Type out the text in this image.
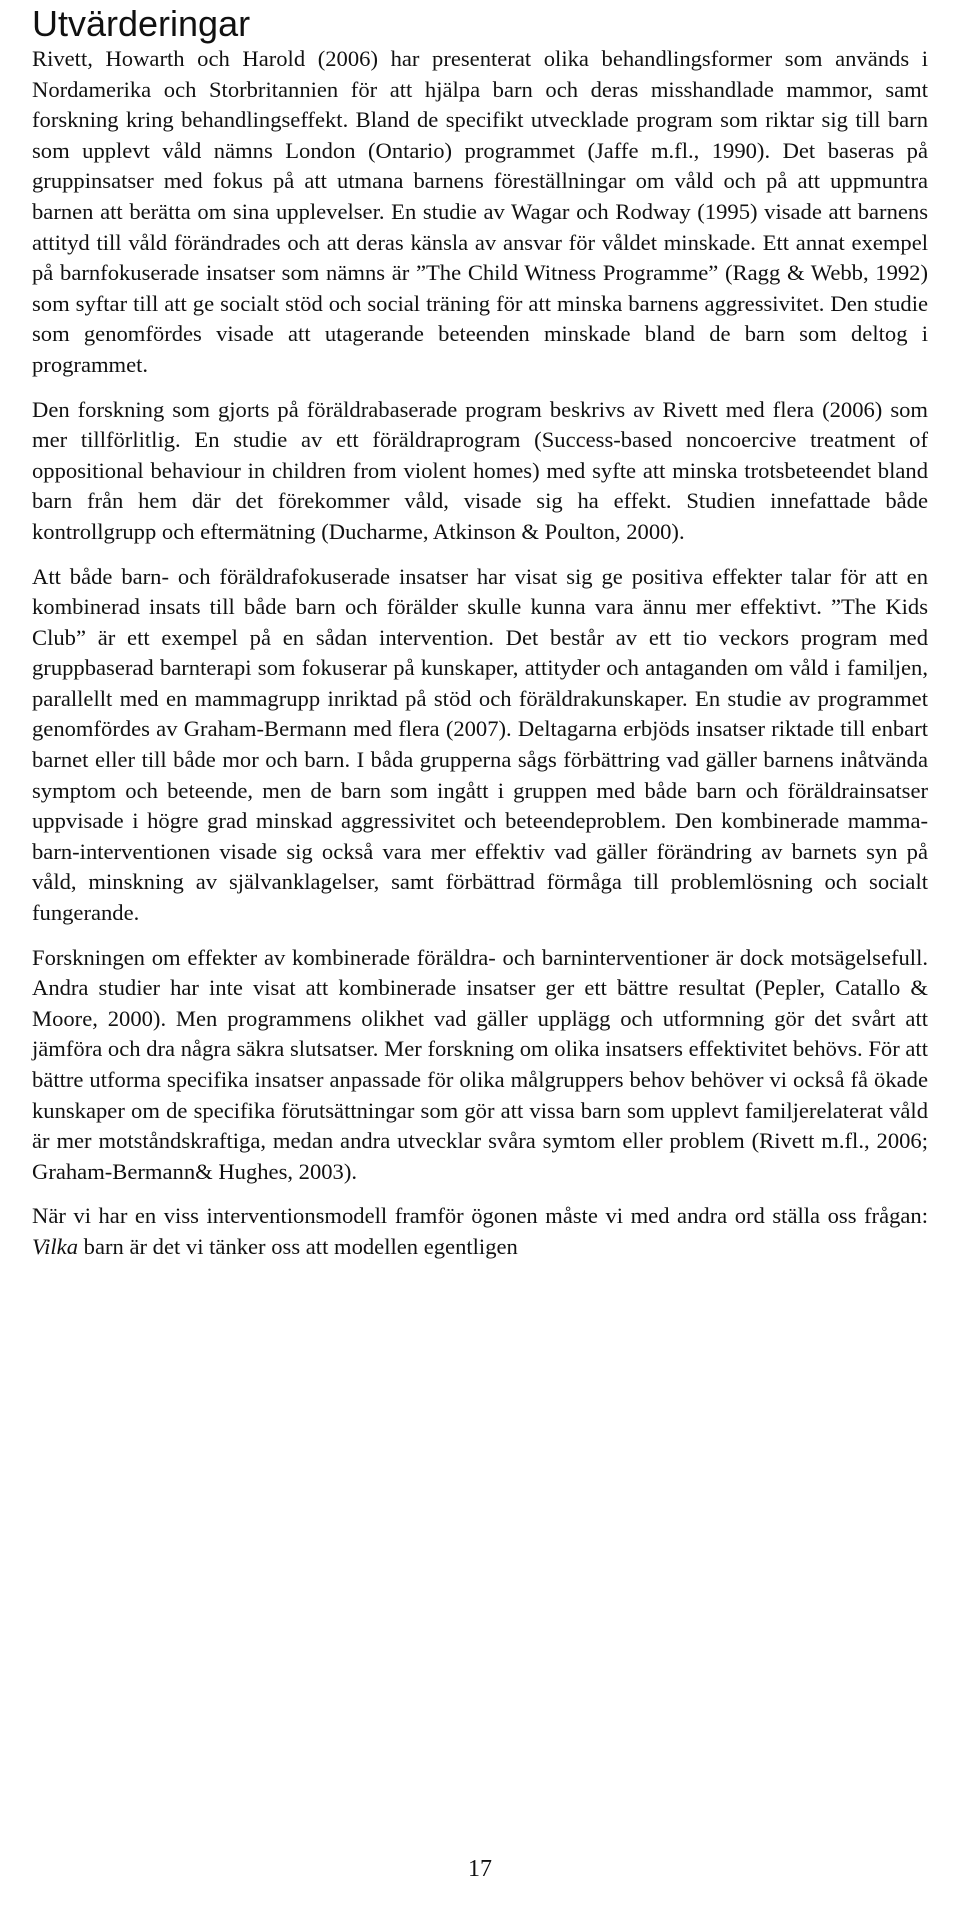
Utvärderingar

Rivett, Howarth och Harold (2006) har presenterat olika behandlingsformer som används i Nordamerika och Storbritannien för att hjälpa barn och deras misshandlade mammor, samt forskning kring behandlingseffekt. Bland de specifikt utvecklade program som riktar sig till barn som upplevt våld nämns London (Ontario) programmet (Jaffe m.fl., 1990). Det baseras på gruppinsatser med fokus på att utmana barnens föreställningar om våld och på att uppmuntra barnen att berätta om sina upplevelser. En studie av Wagar och Rodway (1995) visade att barnens attityd till våld förändrades och att deras känsla av ansvar för våldet minskade. Ett annat exempel på barnfokuserade insatser som nämns är ”The Child Witness Programme” (Ragg & Webb, 1992) som syftar till att ge socialt stöd och social träning för att minska barnens aggressivitet. Den studie som genomfördes visade att utagerande beteenden minskade bland de barn som deltog i programmet.

Den forskning som gjorts på föräldrabaserade program beskrivs av Rivett med flera (2006) som mer tillförlitlig. En studie av ett föräldraprogram (Success-based noncoercive treatment of oppositional behaviour in children from violent homes) med syfte att minska trotsbeteendet bland barn från hem där det förekommer våld, visade sig ha effekt. Studien innefattade både kontrollgrupp och eftermätning (Ducharme, Atkinson & Poulton, 2000).

Att både barn- och föräldrafokuserade insatser har visat sig ge positiva effekter talar för att en kombinerad insats till både barn och förälder skulle kunna vara ännu mer effektivt. ”The Kids Club” är ett exempel på en sådan intervention. Det består av ett tio veckors program med gruppbaserad barnterapi som fokuserar på kunskaper, attityder och antaganden om våld i familjen, parallellt med en mammagrupp inriktad på stöd och föräldrakunskaper. En studie av programmet genomfördes av Graham-Bermann med flera (2007). Deltagarna erbjöds insatser riktade till enbart barnet eller till både mor och barn. I båda grupperna sågs förbättring vad gäller barnens inåtvända symptom och beteende, men de barn som ingått i gruppen med både barn och föräldrainsatser uppvisade i högre grad minskad aggressivitet och beteendeproblem. Den kombinerade mamma-barn-interventionen visade sig också vara mer effektiv vad gäller förändring av barnets syn på våld, minskning av självanklagelser, samt förbättrad förmåga till problemlösning och socialt fungerande.

Forskningen om effekter av kombinerade föräldra- och barninterventioner är dock motsägelsefull. Andra studier har inte visat att kombinerade insatser ger ett bättre resultat (Pepler, Catallo & Moore, 2000). Men programmens olikhet vad gäller upplägg och utformning gör det svårt att jämföra och dra några säkra slutsatser. Mer forskning om olika insatsers effektivitet behövs. För att bättre utforma specifika insatser anpassade för olika målgruppers behov behöver vi också få ökade kunskaper om de specifika förutsättningar som gör att vissa barn som upplevt familjerelaterat våld är mer motståndskraftiga, medan andra utvecklar svåra symtom eller problem (Rivett m.fl., 2006; Graham-Bermann& Hughes, 2003).

När vi har en viss interventionsmodell framför ögonen måste vi med andra ord ställa oss frågan: Vilka barn är det vi tänker oss att modellen egentligen

17
